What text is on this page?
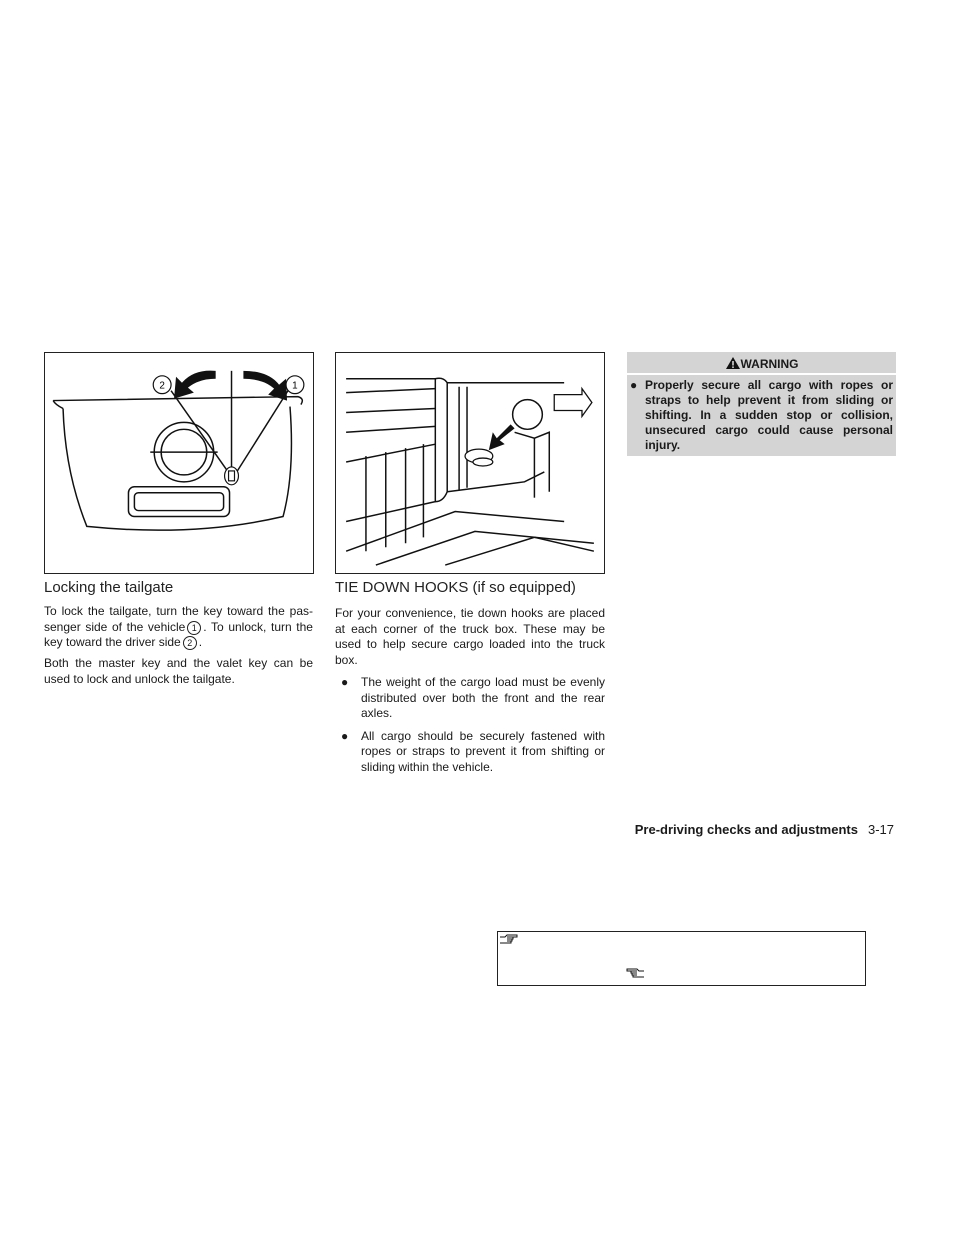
2	1
Locking the tailgate

To lock the tailgate, turn the key toward the pas-senger side of the vehicle 1 . To unlock, turn the key toward the driver side 2 .

Both the master key and the valet key can be used to lock and unlock the tailgate.

TIE DOWN HOOKS (if so equipped)

For your convenience, tie down hooks are placed at each corner of the truck box. These may be used to help secure cargo loaded into the truck box.

● The weight of the cargo load must be evenly distributed over both the front and the rear axles.
● All cargo should be securely fastened with ropes or straps to prevent it from shifting or sliding within the vehicle.
WARNING
● Properly secure all cargo with ropes or straps to help prevent it from sliding or shifting. In a sudden stop or collision, unsecured cargo could cause personal injury.
Pre-driving checks and adjustments 3-17
